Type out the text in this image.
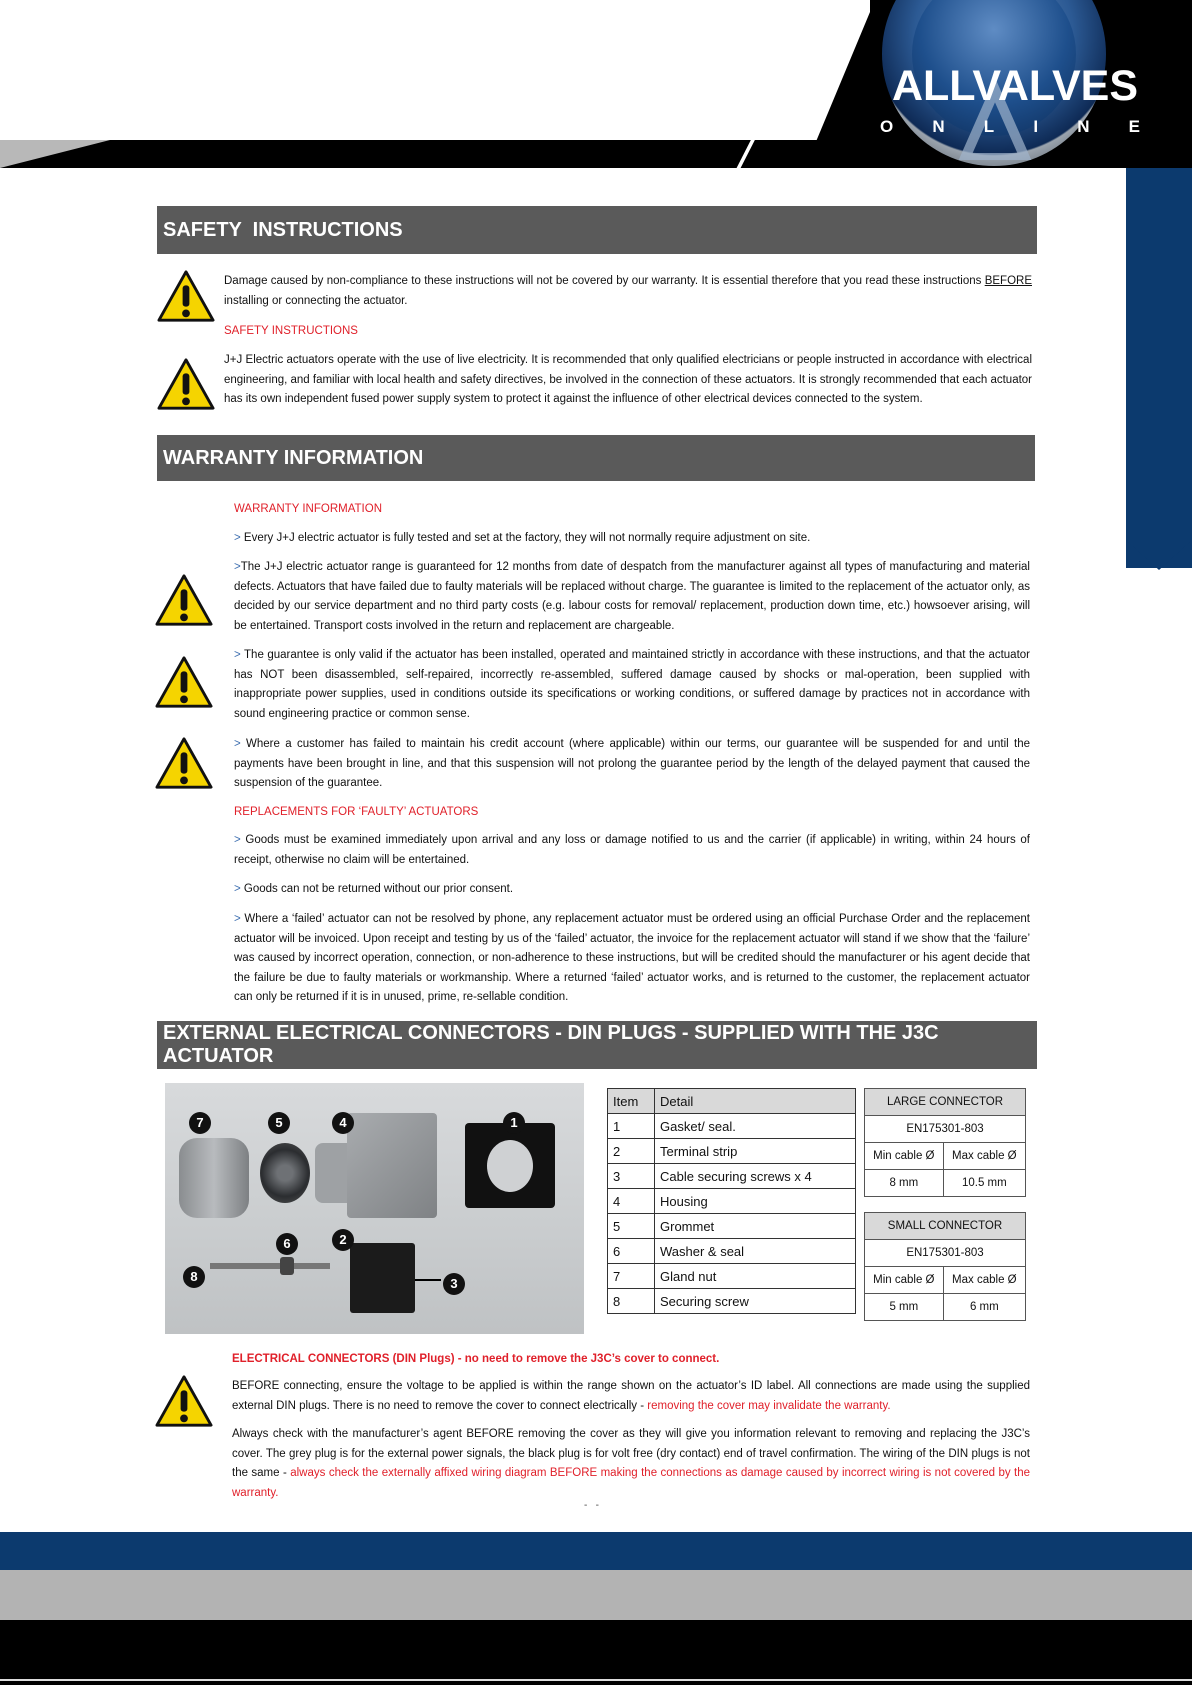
ALLVALVES
O N L I N E
SAFETY  INSTRUCTIONS
Damage caused by non-compliance to these instructions will not be covered by our warranty. It is essential therefore that you read these instructions BEFORE installing or connecting the actuator.
SAFETY INSTRUCTIONS
J+J Electric actuators operate with the use of live electricity. It is recommended that only qualified electricians or people instructed in accordance with electrical engineering, and familiar with local health and safety directives, be involved in the connection of these actuators. It is strongly recommended that each actuator has its own independent fused power supply system to protect it against the influence of other electrical devices connected to the system.
WARRANTY INFORMATION
WARRANTY INFORMATION
> Every J+J electric actuator is fully tested and set at the factory, they will not normally require adjustment on site.
>The J+J electric actuator range is guaranteed for 12 months from date of despatch from the manufacturer against all types of manufacturing and material defects. Actuators that have failed due to faulty materials will be replaced without charge. The guarantee is limited to the replacement of the actuator only, as decided by our service department and no third party costs (e.g. labour costs for removal/ replacement, production down time, etc.) howsoever arising, will be entertained. Transport costs involved in the return and replacement are chargeable.
> The guarantee is only valid if the actuator has been installed, operated and maintained strictly in accordance with these instructions, and that the actuator has NOT been disassembled, self-repaired, incorrectly re-assembled, suffered damage caused by shocks or mal-operation, been supplied with inappropriate power supplies, used in conditions outside its specifications or working conditions, or suffered damage by practices not in accordance with sound engineering practice or common sense.
> Where a customer has failed to maintain his credit account (where applicable) within our terms, our guarantee will be suspended for and until the payments have been brought in line, and that this suspension will not prolong the guarantee period by the length of the delayed payment that caused the suspension of the guarantee.
REPLACEMENTS FOR ‘FAULTY’ ACTUATORS
> Goods must be examined immediately upon arrival and any loss or damage notified to us and the carrier (if applicable) in writing, within 24 hours of receipt, otherwise no claim will be entertained.
> Goods can not be returned without our prior consent.
> Where a ‘failed’ actuator can not be resolved by phone, any replacement actuator must be ordered using an official Purchase Order and the replacement actuator will be invoiced. Upon receipt and testing by us of the ‘failed’ actuator, the invoice for the replacement actuator will stand if we show that the ‘failure’ was caused by incorrect operation, connection, or non-adherence to these instructions, but will be credited should the manufacturer or his agent decide that the failure be due to faulty materials or workmanship. Where a returned ‘failed’ actuator works, and is returned to the customer, the replacement actuator can only be returned if it is in unused, prime, re-sellable condition.
EXTERNAL ELECTRICAL CONNECTORS - DIN PLUGS - SUPPLIED WITH THE J3C ACTUATOR
7	5	4	1
6	2
8	3
Item	Detail
1	Gasket/ seal.
2	Terminal strip
3	Cable securing screws x 4
4	Housing
5	Grommet
6	Washer & seal
7	Gland nut
8	Securing screw
LARGE CONNECTOR	
EN175301-803	
Min cable Ø	Max cable Ø
8 mm	10.5 mm
SMALL CONNECTOR	
EN175301-803	
Min cable Ø	Max cable Ø
5 mm	6 mm
ELECTRICAL CONNECTORS (DIN Plugs) - no need to remove the J3C’s cover to connect.
BEFORE connecting, ensure the voltage to be applied is within the range shown on the actuator’s ID label. All connections are made using the supplied external DIN plugs. There is no need to remove the cover to connect electrically - removing the cover may invalidate the warranty.
Always check with the manufacturer’s agent BEFORE removing the cover as they will give you information relevant to removing and replacing the J3C’s cover. The grey plug is for the external power signals, the black plug is for volt free (dry contact) end of travel confirmation. The wiring of the DIN plugs is not the same - always check the externally affixed wiring diagram BEFORE making the connections as damage caused by incorrect wiring is not covered by the warranty.
-   -
